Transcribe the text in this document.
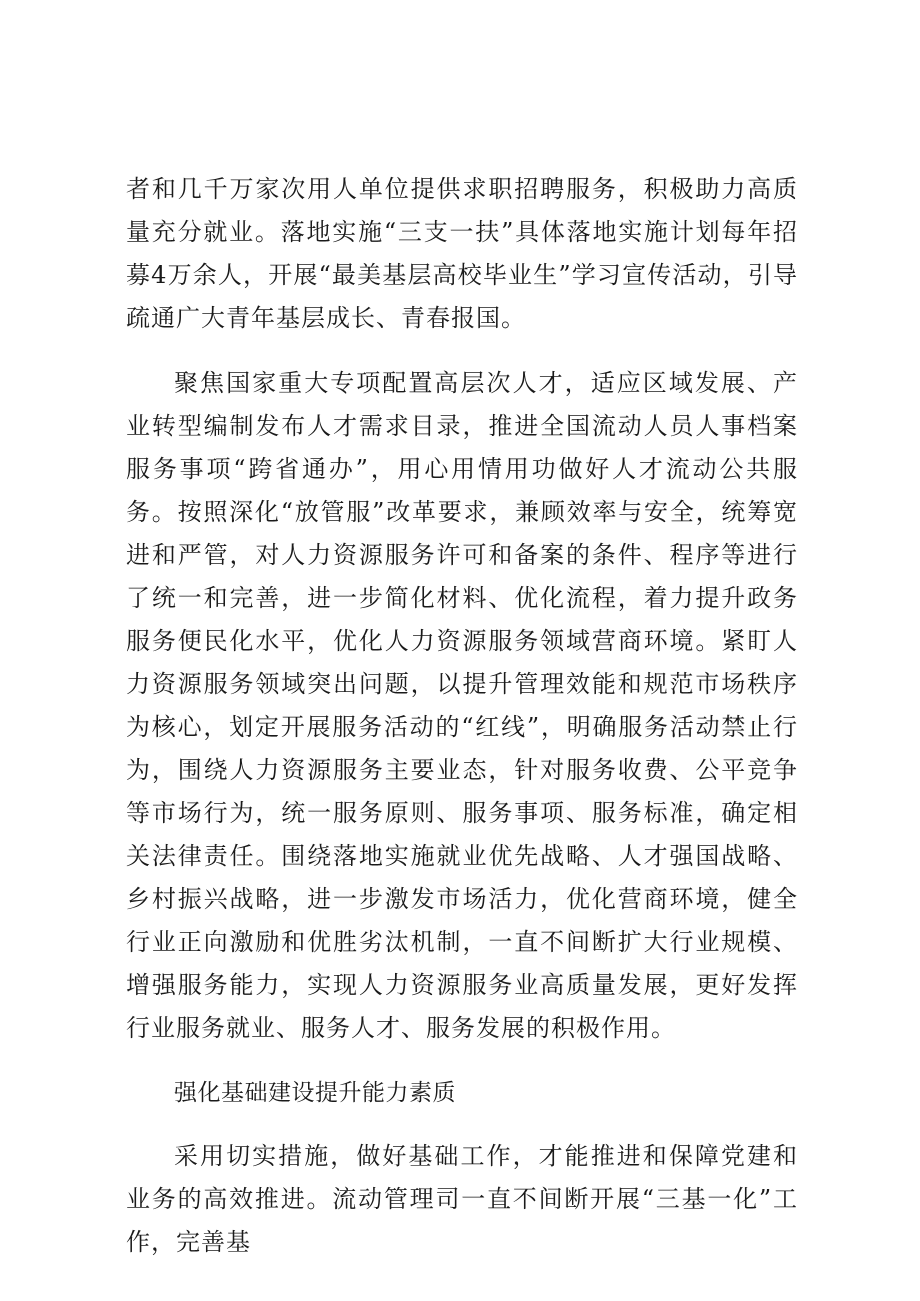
者和几千万家次用人单位提供求职招聘服务，积极助力高质量充分就业。落地实施“三支一扶”具体落地实施计划每年招募4万余人，开展“最美基层高校毕业生”学习宣传活动，引导疏通广大青年基层成长、青春报国。

聚焦国家重大专项配置高层次人才，适应区域发展、产业转型编制发布人才需求目录，推进全国流动人员人事档案服务事项“跨省通办”，用心用情用功做好人才流动公共服务。按照深化“放管服”改革要求，兼顾效率与安全，统筹宽进和严管，对人力资源服务许可和备案的条件、程序等进行了统一和完善，进一步简化材料、优化流程，着力提升政务服务便民化水平，优化人力资源服务领域营商环境。紧盯人力资源服务领域突出问题，以提升管理效能和规范市场秩序为核心，划定开展服务活动的“红线”，明确服务活动禁止行为，围绕人力资源服务主要业态，针对服务收费、公平竞争等市场行为，统一服务原则、服务事项、服务标准，确定相关法律责任。围绕落地实施就业优先战略、人才强国战略、乡村振兴战略，进一步激发市场活力，优化营商环境，健全行业正向激励和优胜劣汰机制，一直不间断扩大行业规模、增强服务能力，实现人力资源服务业高质量发展，更好发挥行业服务就业、服务人才、服务发展的积极作用。

强化基础建设提升能力素质

采用切实措施，做好基础工作，才能推进和保障党建和业务的高效推进。流动管理司一直不间断开展“三基一化”工作，完善基
